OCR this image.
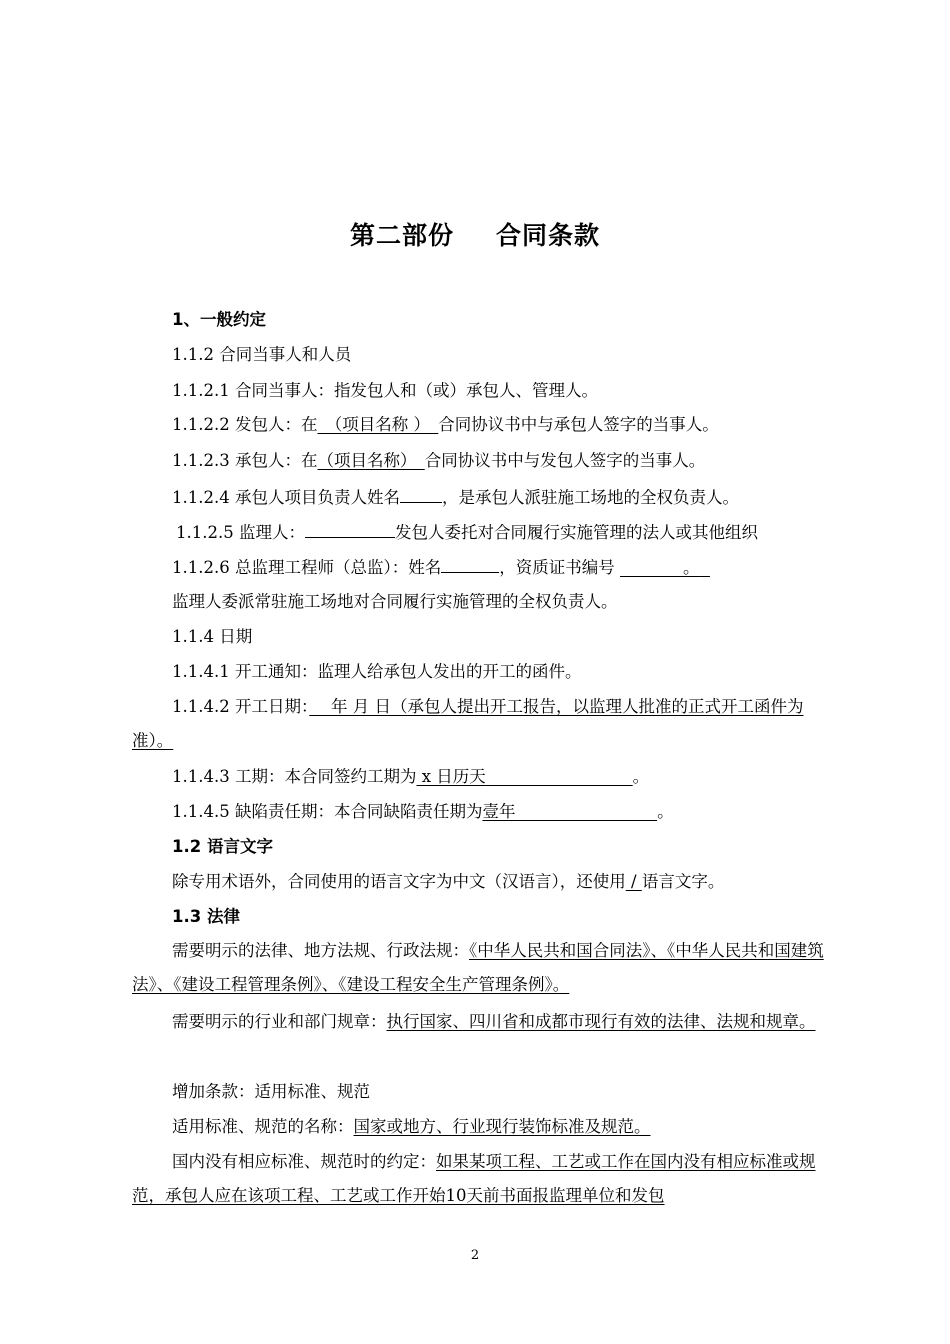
第二部份 合同条款
1、一般约定
1.1.2 合同当事人和人员
1.1.2.1 合同当事人：指发包人和（或）承包人、管理人。
1.1.2.2 发包人：在　（项目名称 ）　合同协议书中与承包人签字的当事人。
1.1.2.3 承包人：在（项目名称）　合同协议书中与发包人签字的当事人。
1.1.2.4 承包人项目负责人姓名	，是承包人派驻施工场地的全权负责人。
1.1.2.5 监理人：	发包人委托对合同履行实施管理的法人或其他组织
1.1.2.6 总监理工程师（总监）：姓名	，资质证书编号	。
监理人委派常驻施工场地对合同履行实施管理的全权负责人。
1.1.4 日期
1.1.4.1 开工通知：监理人给承包人发出的开工的函件。
1.1.4.2 开工日期：　 年 月 日（承包人提出开工报告，以监理人批准的正式开工函件为准）。
1.1.4.3 工期：本合同签约工期为 x 日历天	。
1.1.4.5 缺陷责任期：本合同缺陷责任期为壹年	。
1.2 语言文字
除专用术语外，合同使用的语言文字为中文（汉语言），还使用 / 语言文字。
1.3 法律
需要明示的法律、地方法规、行政法规：《中华人民共和国合同法》、《中华人民共和国建筑法》、《建设工程管理条例》、《建设工程安全生产管理条例》。
需要明示的行业和部门规章：执行国家、四川省和成都市现行有效的法律、法规和规章。
增加条款：适用标准、规范
适用标准、规范的名称：国家或地方、行业现行装饰标准及规范。
国内没有相应标准、规范时的约定：如果某项工程、工艺或工作在国内没有相应标准或规范，承包人应在该项工程、工艺或工作开始10天前书面报监理单位和发包
2
